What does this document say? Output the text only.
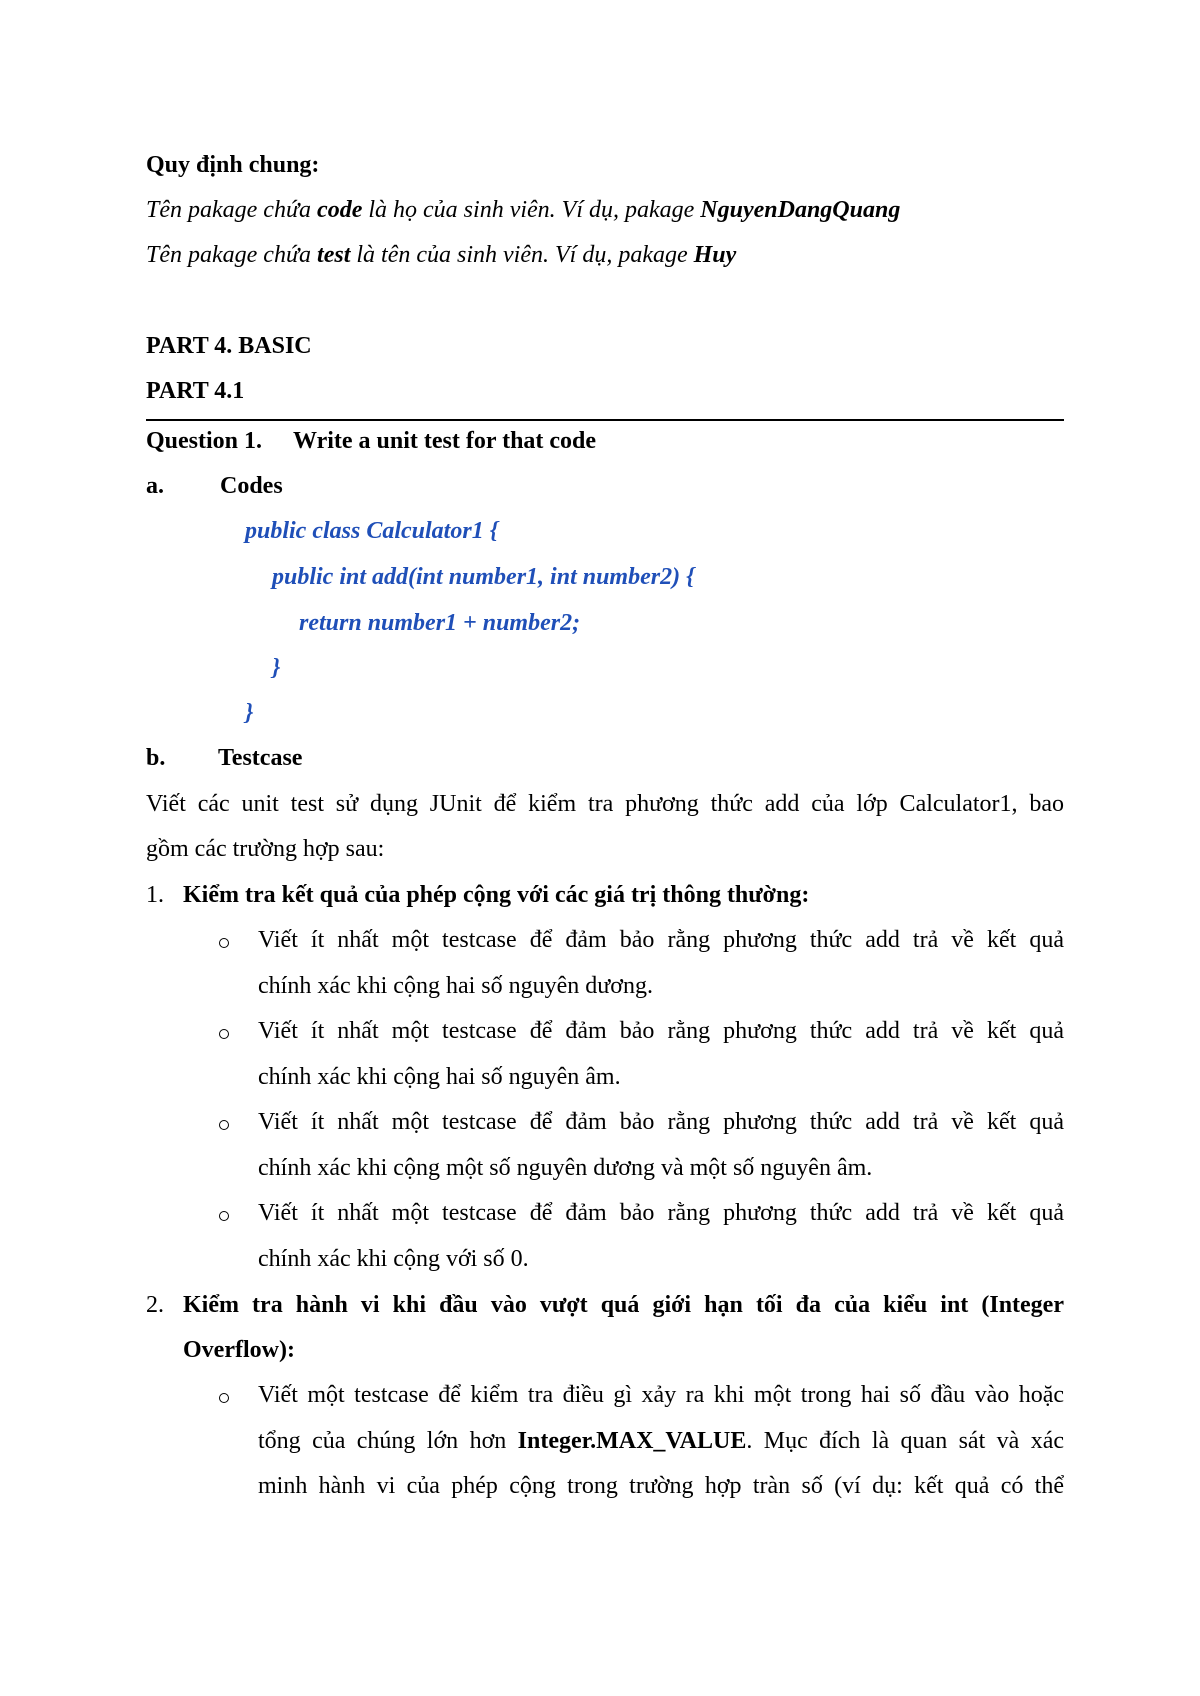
Quy định chung:
Tên pakage chứa code là họ của sinh viên. Ví dụ, pakage NguyenDangQuang
Tên pakage chứa test là tên của sinh viên. Ví dụ, pakage Huy
PART 4. BASIC
PART 4.1
Question 1. Write a unit test for that code
a. Codes
public class Calculator1 {
public int add(int number1, int number2) {
return number1 + number2;
}
}
b. Testcase
Viết các unit test sử dụng JUnit để kiểm tra phương thức add của lớp Calculator1, bao
gồm các trường hợp sau:
1. Kiểm tra kết quả của phép cộng với các giá trị thông thường:
Viết ít nhất một testcase để đảm bảo rằng phương thức add trả về kết quả
chính xác khi cộng hai số nguyên dương.
Viết ít nhất một testcase để đảm bảo rằng phương thức add trả về kết quả
chính xác khi cộng hai số nguyên âm.
Viết ít nhất một testcase để đảm bảo rằng phương thức add trả về kết quả
chính xác khi cộng một số nguyên dương và một số nguyên âm.
Viết ít nhất một testcase để đảm bảo rằng phương thức add trả về kết quả
chính xác khi cộng với số 0.
2. Kiểm tra hành vi khi đầu vào vượt quá giới hạn tối đa của kiểu int (Integer
Overflow):
Viết một testcase để kiểm tra điều gì xảy ra khi một trong hai số đầu vào hoặc
tổng của chúng lớn hơn Integer.MAX_VALUE. Mục đích là quan sát và xác
minh hành vi của phép cộng trong trường hợp tràn số (ví dụ: kết quả có thể
